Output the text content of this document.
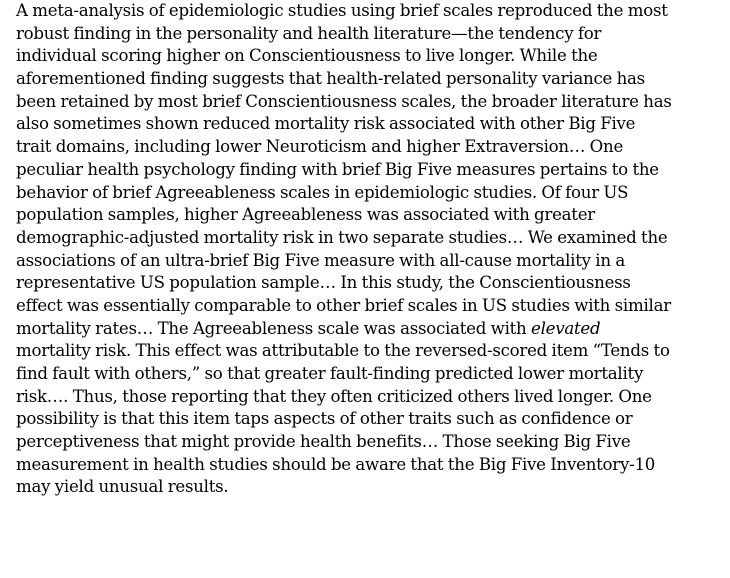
A meta-analysis of epidemiologic studies using brief scales reproduced the most
robust finding in the personality and health literature—the tendency for
individual scoring higher on Conscientiousness to live longer. While the
aforementioned finding suggests that health-related personality variance has
been retained by most brief Conscientiousness scales, the broader literature has
also sometimes shown reduced mortality risk associated with other Big Five
trait domains, including lower Neuroticism and higher Extraversion… One
peculiar health psychology finding with brief Big Five measures pertains to the
behavior of brief Agreeableness scales in epidemiologic studies. Of four US
population samples, higher Agreeableness was associated with greater
demographic-adjusted mortality risk in two separate studies… We examined the
associations of an ultra-brief Big Five measure with all-cause mortality in a
representative US population sample… In this study, the Conscientiousness
effect was essentially comparable to other brief scales in US studies with similar
mortality rates… The Agreeableness scale was associated with elevated
mortality risk. This effect was attributable to the reversed-scored item “Tends to
find fault with others,” so that greater fault-finding predicted lower mortality
risk…. Thus, those reporting that they often criticized others lived longer. One
possibility is that this item taps aspects of other traits such as confidence or
perceptiveness that might provide health benefits… Those seeking Big Five
measurement in health studies should be aware that the Big Five Inventory-10
may yield unusual results.
